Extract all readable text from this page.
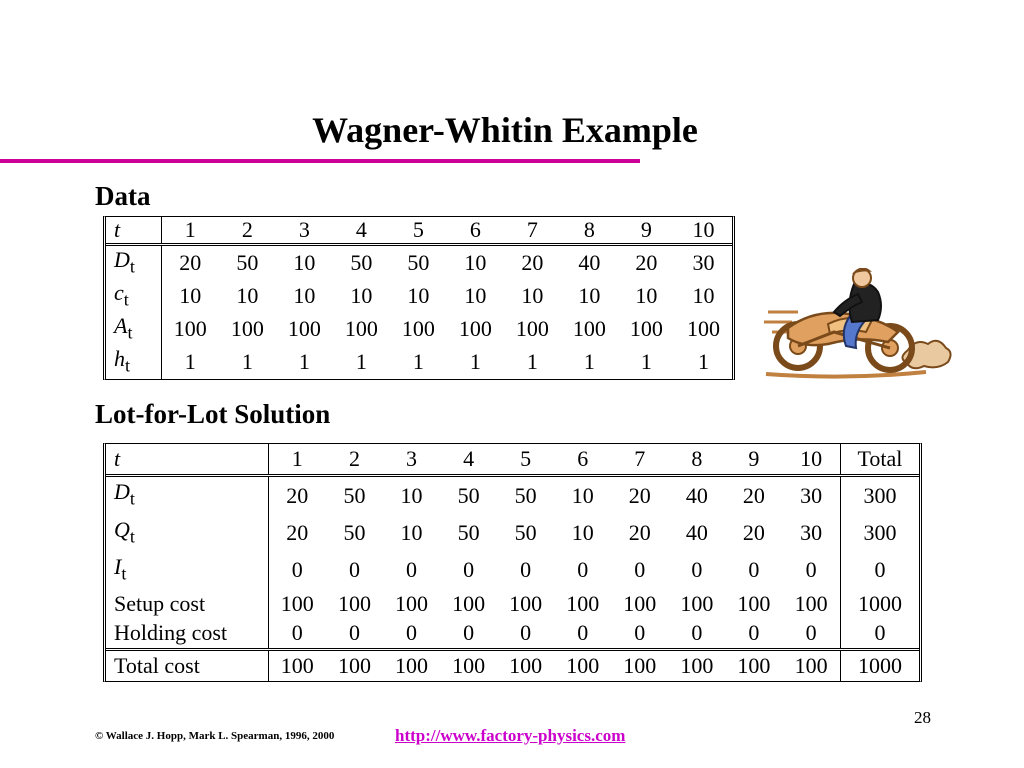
Wagner-Whitin Example
Data
t	1	2	3	4	5	6	7	8	9	10
$D_t$	20	50	10	50	50	10	20	40	20	30
$c_t$	10	10	10	10	10	10	10	10	10	10
$A_t$	100	100	100	100	100	100	100	100	100	100
$h_t$	1	1	1	1	1	1	1	1	1	1
Lot-for-Lot Solution
t	1	2	3	4	5	6	7	8	9	10	Total
$D_t$	20	50	10	50	50	10	20	40	20	30	300
$Q_t$	20	50	10	50	50	10	20	40	20	30	300
$I_t$	0	0	0	0	0	0	0	0	0	0	0
Setup cost	100	100	100	100	100	100	100	100	100	100	1000
Holding cost	0	0	0	0	0	0	0	0	0	0	0
Total cost	100	100	100	100	100	100	100	100	100	100	1000
28
© Wallace J. Hopp, Mark L. Spearman, 1996, 2000	http://www.factory-physics.com
